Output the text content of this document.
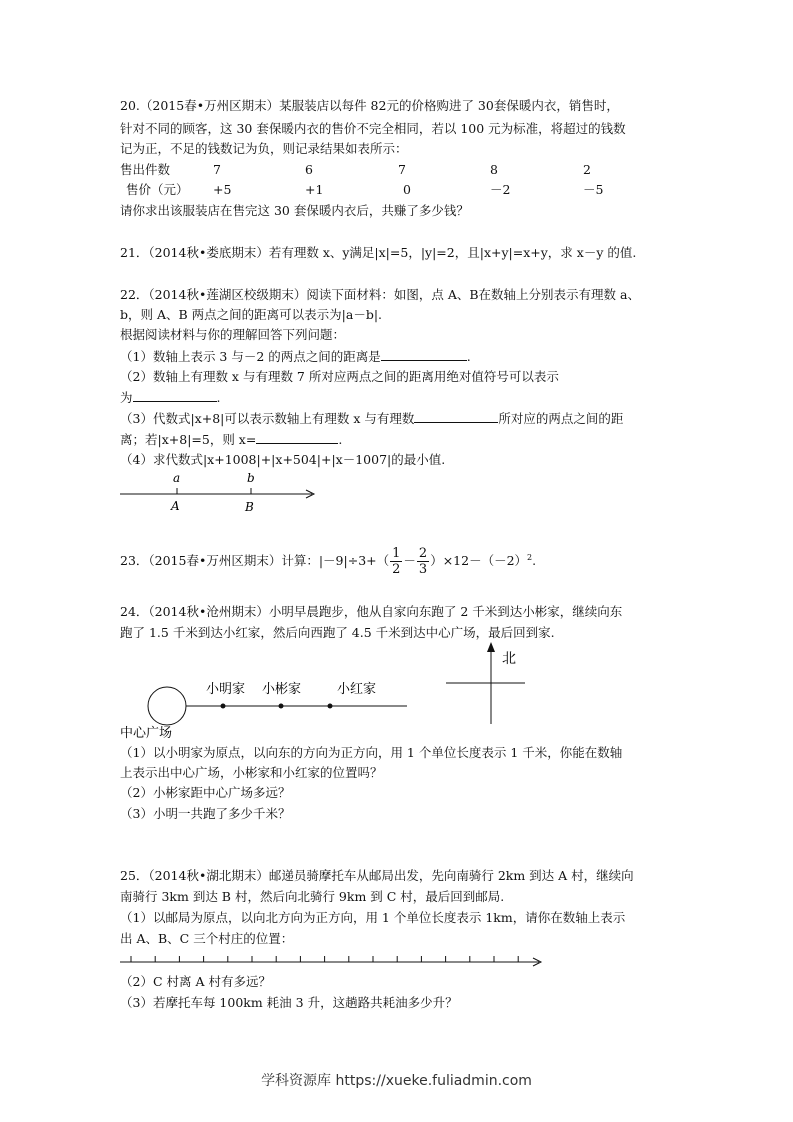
20.（2015春•万州区期末）某服装店以每件 82元的价格购进了 30套保暖内衣，销售时，
针对不同的顾客，这 30 套保暖内衣的售价不完全相同，若以 100 元为标准，将超过的钱数
记为正，不足的钱数记为负，则记录结果如表所示：
售出件数	7	6	7	8	2
售价（元） +5	+1	0	－2	－5
请你求出该服装店在售完这 30 套保暖内衣后，共赚了多少钱？
21．（2014秋•娄底期末）若有理数 x、y满足|x|=5，|y|=2，且|x+y|=x+y，求 x－y 的值.
22．（2014秋•莲湖区校级期末）阅读下面材料：如图，点 A、B在数轴上分别表示有理数 a、
b，则 A、B 两点之间的距离可以表示为|a－b|.
根据阅读材料与你的理解回答下列问题：
（1）数轴上表示 3 与－2 的两点之间的距离是	.
（2）数轴上有理数 x 与有理数 7 所对应两点之间的距离用绝对值符号可以表示
为	.
（3）代数式|x+8|可以表示数轴上有理数 x 与有理数	所对应的两点之间的距
离；若|x+8|=5，则 x=	.
（4）求代数式|x+1008|+|x+504|+|x－1007|的最小值.
a	b
A	B
23．（2015春•万州区期末）计算：$|-9|\div 3+( \frac{1}{2} - \frac{2}{3} )\times 12-(-2)^2$.
24．（2014秋•沧州期末）小明早晨跑步，他从自家向东跑了 2 千米到达小彬家，继续向东
跑了 1.5 千米到达小红家，然后向西跑了 4.5 千米到达中心广场，最后回到家.
小明家 小彬家	小红家
中心广场
北
（1）以小明家为原点，以向东的方向为正方向，用 1 个单位长度表示 1 千米，你能在数轴
上表示出中心广场，小彬家和小红家的位置吗？
（2）小彬家距中心广场多远？
（3）小明一共跑了多少千米？
25．（2014秋•湖北期末）邮递员骑摩托车从邮局出发，先向南骑行 2km 到达 A 村，继续向
南骑行 3km 到达 B 村，然后向北骑行 9km 到 C 村，最后回到邮局.
（1）以邮局为原点，以向北方向为正方向，用 1 个单位长度表示 1km，请你在数轴上表示
出 A、B、C 三个村庄的位置：
（2）C 村离 A 村有多远？
（3）若摩托车每 100km 耗油 3 升，这趟路共耗油多少升？
学科资源库 https://xueke.fuliadmin.com
